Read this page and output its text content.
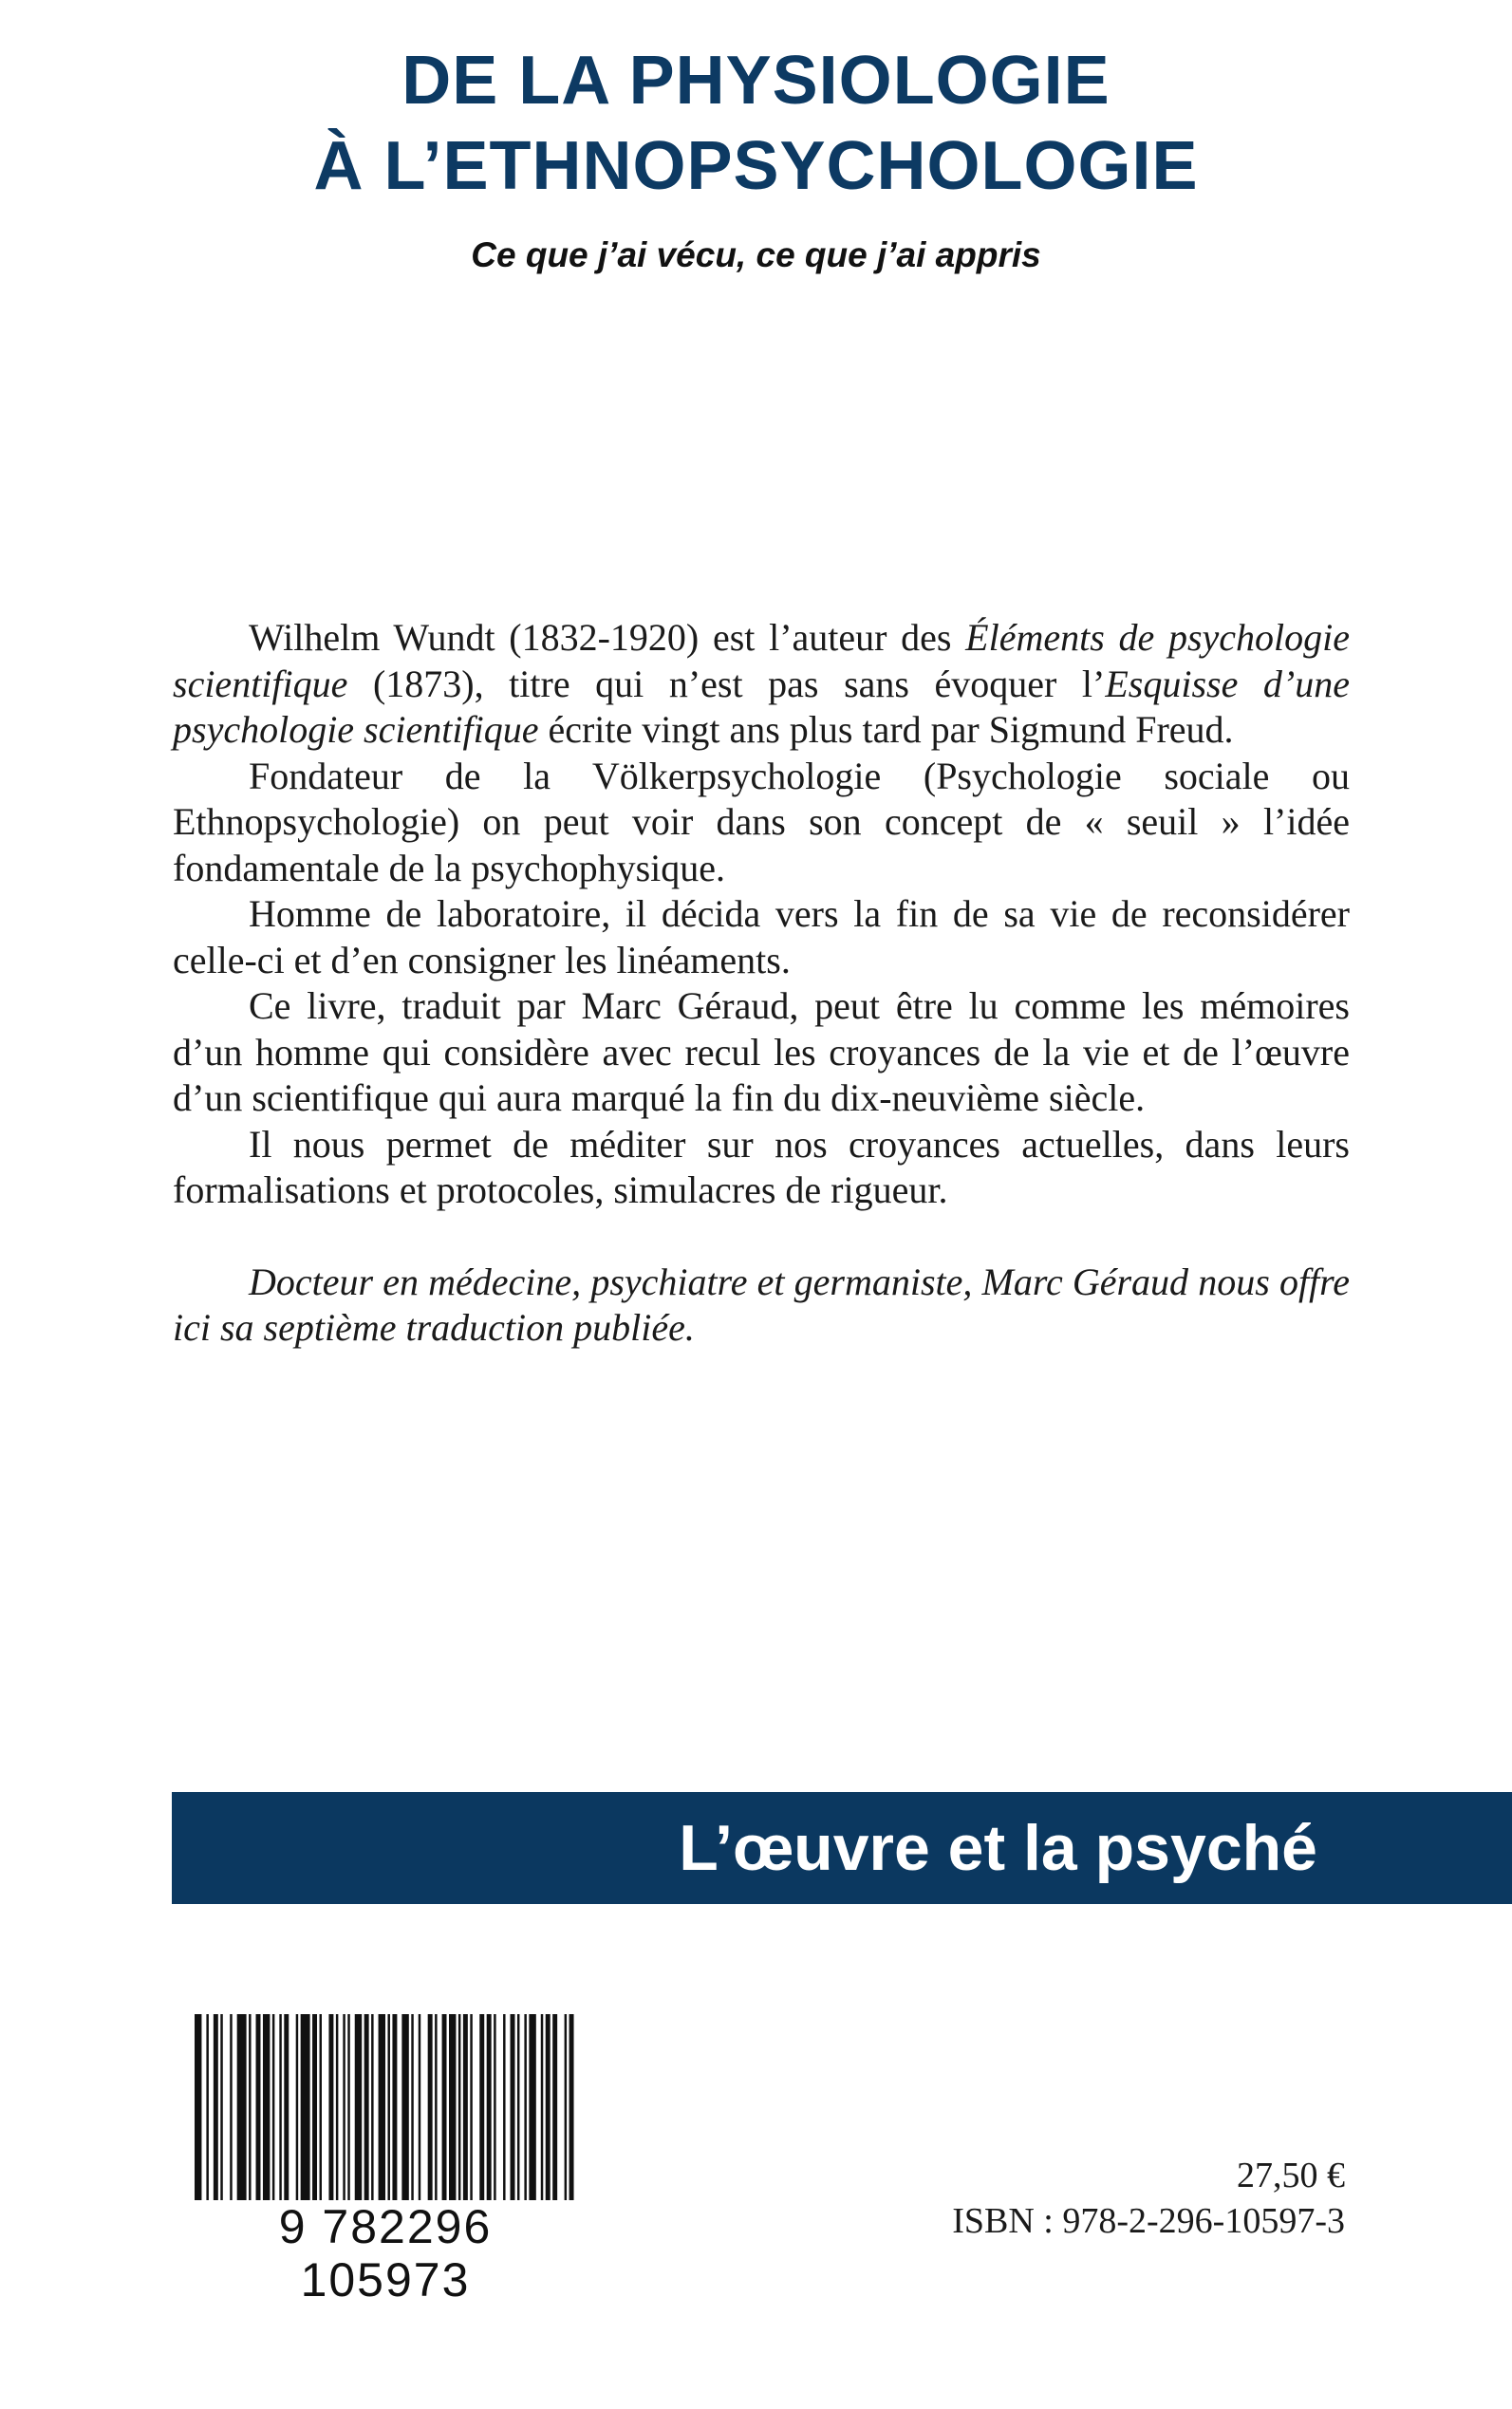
DE LA PHYSIOLOGIE
À L’ETHNOPSYCHOLOGIE
Ce que j’ai vécu, ce que j’ai appris

Wilhelm Wundt (1832-1920) est l’auteur des Éléments de psychologie scientifique (1873), titre qui n’est pas sans évoquer l’Esquisse d’une psychologie scientifique écrite vingt ans plus tard par Sigmund Freud.

Fondateur de la Völkerpsychologie (Psychologie sociale ou Ethnopsychologie) on peut voir dans son concept de « seuil » l’idée fondamentale de la psychophysique.

Homme de laboratoire, il décida vers la fin de sa vie de reconsidérer celle-ci et d’en consigner les linéaments.

Ce livre, traduit par Marc Géraud, peut être lu comme les mémoires d’un homme qui considère avec recul les croyances de la vie et de l’œuvre d’un scientifique qui aura marqué la fin du dix-neuvième siècle.

Il nous permet de méditer sur nos croyances actuelles, dans leurs formalisations et protocoles, simulacres de rigueur.

Docteur en médecine, psychiatre et germaniste, Marc Géraud nous offre ici sa septième traduction publiée.

L’œuvre et la psyché
9 782296 105973
27,50 €
ISBN : 978-2-296-10597-3
